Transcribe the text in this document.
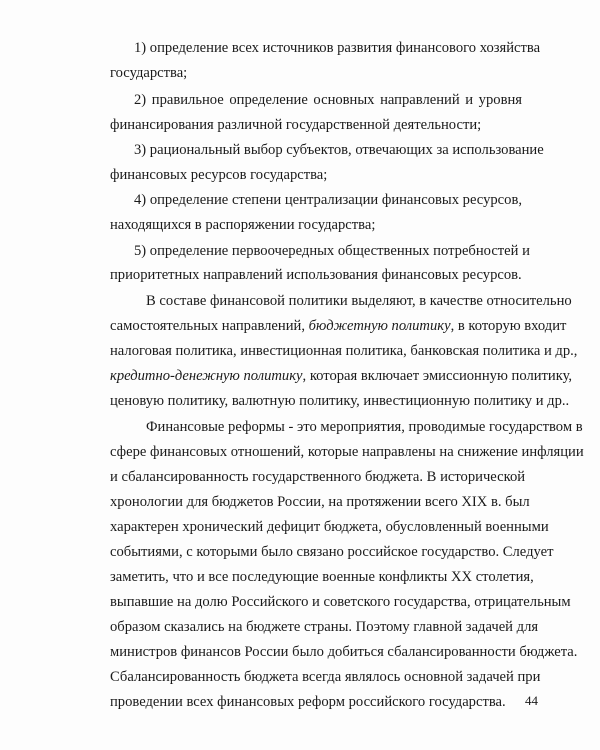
1) определение всех источников развития финансового хозяйства
государства;
2) правильное определение основных направлений и уровня
финансирования различной государственной деятельности;
3) рациональный выбор субъектов, отвечающих за использование
финансовых ресурсов государства;
4) определение степени централизации финансовых ресурсов,
находящихся в распоряжении государства;
5) определение первоочередных общественных потребностей и
приоритетных направлений использования финансовых ресурсов.
В составе финансовой политики выделяют, в качестве относительно
самостоятельных направлений, бюджетную политику, в которую входит
налоговая политика, инвестиционная политика, банковская политика и др.,
кредитно-денежную политику, которая включает эмиссионную политику,
ценовую политику, валютную политику, инвестиционную политику и др..
Финансовые реформы - это мероприятия, проводимые государством в
сфере финансовых отношений, которые направлены на снижение инфляции
и сбалансированность государственного бюджета. В исторической
хронологии для бюджетов России, на протяжении всего XIX в. был
характерен хронический дефицит бюджета, обусловленный военными
событиями, с которыми было связано российское государство. Следует
заметить, что и все последующие военные конфликты XX столетия,
выпавшие на долю Российского и советского государства, отрицательным
образом сказались на бюджете страны. Поэтому главной задачей для
министров финансов России было добиться сбалансированности бюджета.
Сбалансированность бюджета всегда являлось основной задачей при
проведении всех финансовых реформ российского государства.	44
